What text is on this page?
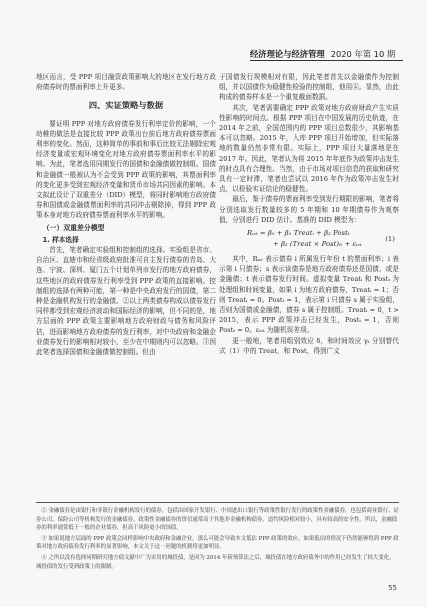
经济理论与经济管理 2020 年第 10 期

地区而言，受 PPP 项目融资政策影响大的地区在发行地方政府债券时的票面利率上升更多。

四、实证策略与数据

要证明 PPP 对地方政府债券发行利率定价的影响，一个幼稚的做法是直接比较 PPP 政策出台前后地方政府债券票面利率的变化。然而，这种简单的事前和事后比较无法剔除宏观经济变量或宏观环境变化对地方政府债券票面利率水平的影响。为此，笔者选用同期发行的国债和金融债做控制组。国债和金融债一般被认为不会受到 PPP 政策的影响，其票面利率的变化更多受到宏观经济变量和货币市场共同因素的影响。本文拟此设计了双重差分（DID）模型，将同时影响地方政府债券和国债或金融债票面利率的共同冲击剔除掉，得到 PPP 政策本身对地方政府债券票面利率水平的影响。

（一）双重差分模型
1. 样本选择

首先，笔者确定实验组和控制组的选择。实验组是省市、自治区、直辖市和经省级政府批准可自主发行债券的青岛、大连、宁波、深圳、厦门五个计划单列市发行的地方政府债券，这些地区的政府债券发行利率受到 PPP 政策的直接影响。控制组的选择有两种可能，第一种是中央政府发行的国债，第二种是金融机构发行的金融债。②以上两类债券构成以债券发行同样都受到宏观经济波动和国际经济的影响，但不同的是，地方层面的 PPP 政策主要影响地方政府财政与债务和风险评估，进而影响地方政府债券的发行利率，对中央政府和金融企业债券发行的影响相对较小，至少在中期则内可以忽略。③因此笔者选择国债和金融债做控制组。但由

于国债发行规模相对有限，因此笔者首先以金融债作为控制组，并以国债作为稳健性检验的控制组，他用④。显然，由此构成的债券样本是一个重复截面数据。

其次，笔者需要确定 PPP 政策对地方政府财政产生实质性影响的时间点。根据 PPP 项目在中国发展的历史轨迹，在 2014 年之前，全国范围内的 PPP 项目总数很少，其影响基本可以忽略。2015 年，入库 PPP 项目开始增加，但实际落地的数量仍然非常有限。实际上，PPP 项目大量落地是在 2017 年。因此，笔者认为将 2015 年年底作为政策冲击发生的时点具有合理性。当然，由于市场对项目信息的获取和研究具有一定时滞，笔者也尝试以 2016 年作为政策冲击发生时点，以检验实证结论的稳健性。

最后，鉴于债券的票面利率受到发行期限的影响，笔者将分别选取发行数量较多的 5 年期和 10 年期债券作为观察值，分别进行 DID 估计。基准的 DID 模型为：

Rᵢₛₜ = β₀ + β₁ Treatᵢ + β₂ Postₜ
+ β₃ (Treat × Post)ᵢₜ + εᵢₛₜ
(1)

其中，Rᵢₛₜ 表示债券 i 所属发行年份 t 的票面利率；i 表示第 i 只债券；s 表示该债券是地方政府债券还是国债、或是金融债；t 表示债券发行时间。虚拟变量 Treatᵢ 和 Postₜ 为处理组和时间变量，如果 i 为地方政府债券，Treatᵢ = 1；否则 Treatᵢ = 0。Postₜ = 1，表示第 i 只债券 s 属于实验组，否则为国债或金融债，债券 s 属于控制组。Treatᵢ = 0，t > 2015，表示 PPP 政策冲击已经发生，Postₜ = 1，否则 Postₜ = 0。εᵢₛₜ 为随机误差项。

更一般地，笔者用组别效应 δ，和时间效应 γₜ 分别替代式（1）中的 Treat，和 Post，得到广义

② 金融债券是由银行和非银行金融机构发行的债券，包括由国家开发银行、中国进出口银行等政策性银行发行的政策性金融债券，也包括商业银行、证券公司、保险公司等机构发行的金融债券。政策性金融债券的资信通常高于其他非金融机构债券，违约风险相对较小，具有较高的安全性。所以，金融债券的利率通常低于一般的企业债券，但高于风险更小的国债。

③ 如果说地方层面的 PPP 政策会同样影响中央政府和金融企业，那么可能会导致本文低估 PPP 政策的效应。如果低估的情况下仍然能够得到 PPP 政策对地方政府债券发行利率的显著影响，本文关于这一问题的机制将更加明显。

④ 之所以没有选择同期研究地方债文献中广为采用的城投债，是因为 2014 年新预算法之后，城投债在地方政府债务中的作用已经发生了较大变化，城投债的发行受到政策上的限制。

55
